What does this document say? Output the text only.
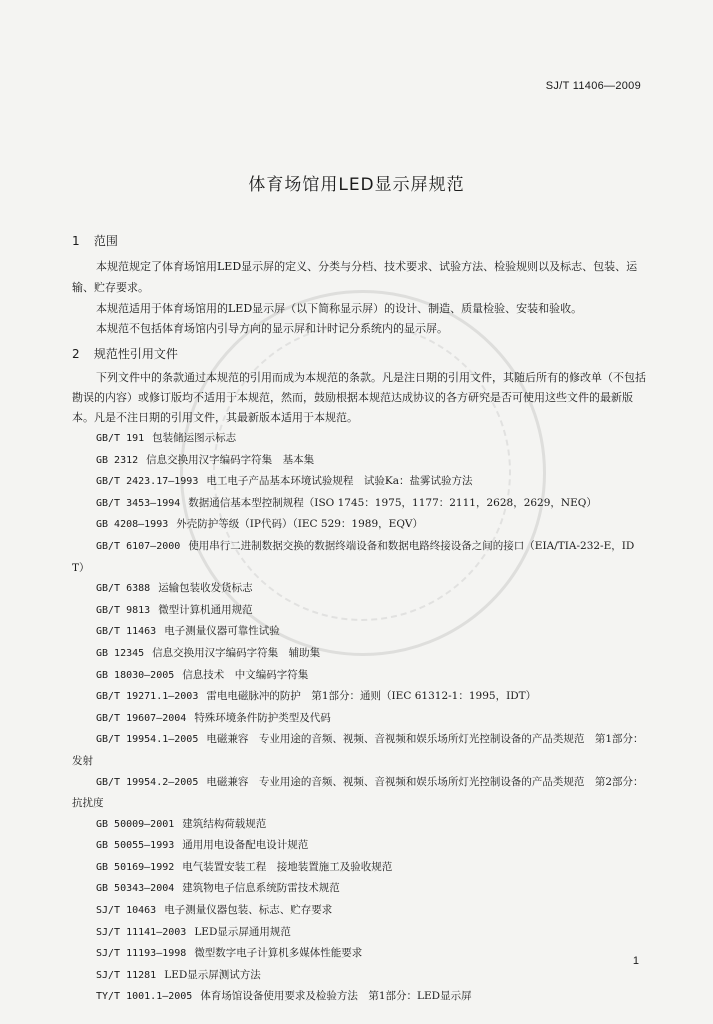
SJ/T 11406—2009
体育场馆用LED显示屏规范
1 范围
本规范规定了体育场馆用LED显示屏的定义、分类与分档、技术要求、试验方法、检验规则以及标志、包装、运输、贮存要求。
本规范适用于体育场馆用的LED显示屏（以下简称显示屏）的设计、制造、质量检验、安装和验收。
本规范不包括体育场馆内引导方向的显示屏和计时记分系统内的显示屏。
2 规范性引用文件
下列文件中的条款通过本规范的引用而成为本规范的条款。凡是注日期的引用文件，其随后所有的修改单（不包括勘误的内容）或修订版均不适用于本规范，然而，鼓励根据本规范达成协议的各方研究是否可使用这些文件的最新版本。凡是不注日期的引用文件，其最新版本适用于本规范。
GB/T 191 包装储运图示标志
GB 2312 信息交换用汉字编码字符集　基本集
GB/T 2423.17—1993 电工电子产品基本环境试验规程　试验Ka：盐雾试验方法
GB/T 3453—1994 数据通信基本型控制规程（ISO 1745：1975，1177：2111，2628，2629，NEQ）
GB 4208—1993 外壳防护等级（IP代码）（IEC 529：1989，EQV）
GB/T 6107—2000 使用串行二进制数据交换的数据终端设备和数据电路终接设备之间的接口（EIA/TIA-232-E，IDT）
GB/T 6388 运输包装收发货标志
GB/T 9813 微型计算机通用规范
GB/T 11463 电子测量仪器可靠性试验
GB 12345 信息交换用汉字编码字符集　辅助集
GB 18030—2005 信息技术　中文编码字符集
GB/T 19271.1—2003 雷电电磁脉冲的防护　第1部分：通则（IEC 61312-1：1995，IDT）
GB/T 19607—2004 特殊环境条件防护类型及代码
GB/T 19954.1—2005 电磁兼容　专业用途的音频、视频、音视频和娱乐场所灯光控制设备的产品类规范　第1部分：发射
GB/T 19954.2—2005 电磁兼容　专业用途的音频、视频、音视频和娱乐场所灯光控制设备的产品类规范　第2部分：抗扰度
GB 50009—2001 建筑结构荷载规范
GB 50055—1993 通用用电设备配电设计规范
GB 50169—1992 电气装置安装工程　接地装置施工及验收规范
GB 50343—2004 建筑物电子信息系统防雷技术规范
SJ/T 10463 电子测量仪器包装、标志、贮存要求
SJ/T 11141—2003 LED显示屏通用规范
SJ/T 11193—1998 微型数字电子计算机多媒体性能要求
SJ/T 11281 LED显示屏测试方法
TY/T 1001.1—2005 体育场馆设备使用要求及检验方法　第1部分：LED显示屏
1
